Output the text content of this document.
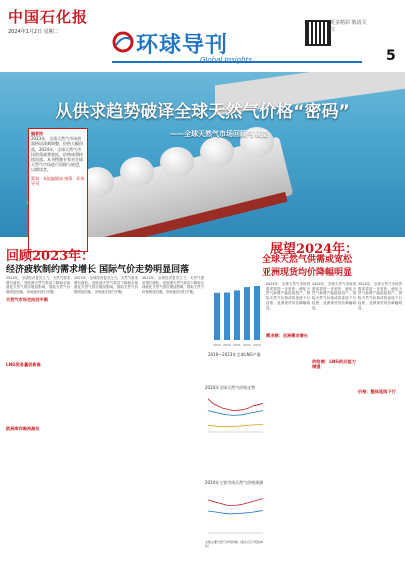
中国石化报
2024年1月2日 星期二
环球导刊
Global Insights
更多精彩 敬请关注
5
从供求趋势破译全球天然气价格“密码”
——全球天然气市场回顾与展望
编者按
2023年，全球天然气市场供需格局深刻调整，价格大幅回落。2024年，全球天然气市场供需或将宽松，价格或将持续回落。本刊特邀专家对全球天然气市场进行回顾与展望，以飨读者。
策划：本报编辑部 统筹：环球导刊
回顾2023年：
经济疲软制约需求增长 国际气价走势明显回落
2023年，全球经济复苏乏力，天然气需求增长疲软。受欧洲天然气需求下降和全球液化天然气供应增加影响，国际天然气价格明显回落，市场逐步回归平衡。
天然气市场走向回平衡
LNG贸易量创新高
欧洲库存维持高位
2023年，全球经济复苏乏力，天然气需求增长疲软。受欧洲天然气需求下降和全球液化天然气供应增加影响，国际天然气价格明显回落，市场逐步回归平衡。
2023年，全球经济复苏乏力，天然气需求增长疲软。受欧洲天然气需求下降和全球液化天然气供应增加影响，国际天然气价格明显回落，市场逐步回归平衡。
2019 2020 2021 2022 2023
2019—2023年全球LNG产量
2024年全球天然气价格走势
2024年主要市场天然气价格预测
全球主要天然气市场价格（美元/百万英热单位）
展望2024年：
全球天然气供需或宽松
亚洲现货均价降幅明显
2024年，全球天然气市场供需或将进一步宽松，液化天然气新增产能陆续投产，国际天然气价格或将延续下行趋势，亚洲现货均价降幅明显。
需求侧：亚洲需求增长
2024年，全球天然气市场供需或将进一步宽松，液化天然气新增产能陆续投产，国际天然气价格或将延续下行趋势，亚洲现货均价降幅明显。
供给侧：LNG供应能力增强
2024年，全球天然气市场供需或将进一步宽松，液化天然气新增产能陆续投产，国际天然气价格或将延续下行趋势，亚洲现货均价降幅明显。
价格：整体延续下行
